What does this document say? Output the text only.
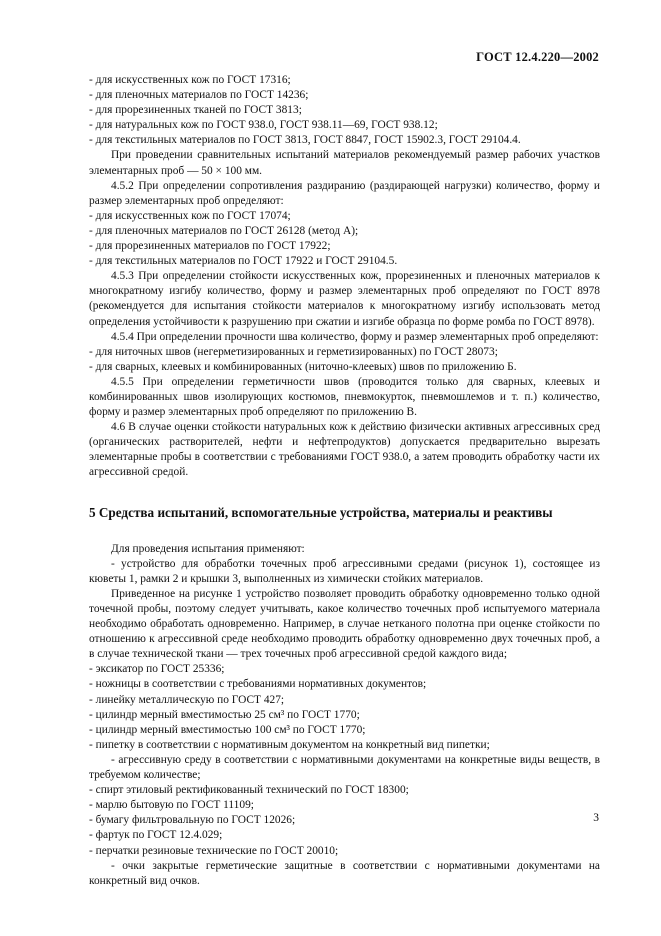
ГОСТ 12.4.220—2002

- для искусственных кож по ГОСТ 17316;

- для пленочных материалов по ГОСТ 14236;

- для прорезиненных тканей по ГОСТ 3813;

- для натуральных кож по ГОСТ 938.0, ГОСТ 938.11—69, ГОСТ 938.12;

- для текстильных материалов по ГОСТ 3813, ГОСТ 8847, ГОСТ 15902.3, ГОСТ 29104.4.

При проведении сравнительных испытаний материалов рекомендуемый размер рабочих участков элементарных проб — 50 × 100 мм.

4.5.2 При определении сопротивления раздиранию (раздирающей нагрузки) количество, форму и размер элементарных проб определяют:

- для искусственных кож по ГОСТ 17074;

- для пленочных материалов по ГОСТ 26128 (метод А);

- для прорезиненных материалов по ГОСТ 17922;

- для текстильных материалов по ГОСТ 17922 и ГОСТ 29104.5.

4.5.3 При определении стойкости искусственных кож, прорезиненных и пленочных материалов к многократному изгибу количество, форму и размер элементарных проб определяют по ГОСТ 8978 (рекомендуется для испытания стойкости материалов к многократному изгибу использовать метод определения устойчивости к разрушению при сжатии и изгибе образца по форме ромба по ГОСТ 8978).

4.5.4 При определении прочности шва количество, форму и размер элементарных проб определяют:

- для ниточных швов (негерметизированных и герметизированных) по ГОСТ 28073;

- для сварных, клеевых и комбинированных (ниточно-клеевых) швов по приложению Б.

4.5.5 При определении герметичности швов (проводится только для сварных, клеевых и комбинированных швов изолирующих костюмов, пневмокурток, пневмошлемов и т. п.) количество, форму и размер элементарных проб определяют по приложению В.

4.6 В случае оценки стойкости натуральных кож к действию физически активных агрессивных сред (органических растворителей, нефти и нефтепродуктов) допускается предварительно вырезать элементарные пробы в соответствии с требованиями ГОСТ 938.0, а затем проводить обработку части их агрессивной средой.

5 Средства испытаний, вспомогательные устройства, материалы и реактивы

Для проведения испытания применяют:

- устройство для обработки точечных проб агрессивными средами (рисунок 1), состоящее из кюветы 1, рамки 2 и крышки 3, выполненных из химически стойких материалов.

Приведенное на рисунке 1 устройство позволяет проводить обработку одновременно только одной точечной пробы, поэтому следует учитывать, какое количество точечных проб испытуемого материала необходимо обработать одновременно. Например, в случае нетканого полотна при оценке стойкости по отношению к агрессивной среде необходимо проводить обработку одновременно двух точечных проб, а в случае технической ткани — трех точечных проб агрессивной средой каждого вида;

- эксикатор по ГОСТ 25336;

- ножницы в соответствии с требованиями нормативных документов;

- линейку металлическую по ГОСТ 427;

- цилиндр мерный вместимостью 25 см³ по ГОСТ 1770;

- цилиндр мерный вместимостью 100 см³ по ГОСТ 1770;

- пипетку в соответствии с нормативным документом на конкретный вид пипетки;

- агрессивную среду в соответствии с нормативными документами на конкретные виды веществ, в требуемом количестве;

- спирт этиловый ректификованный технический по ГОСТ 18300;

- марлю бытовую по ГОСТ 11109;

- бумагу фильтровальную по ГОСТ 12026;

- фартук по ГОСТ 12.4.029;

- перчатки резиновые технические по ГОСТ 20010;

- очки закрытые герметические защитные в соответствии с нормативными документами на конкретный вид очков.

3
